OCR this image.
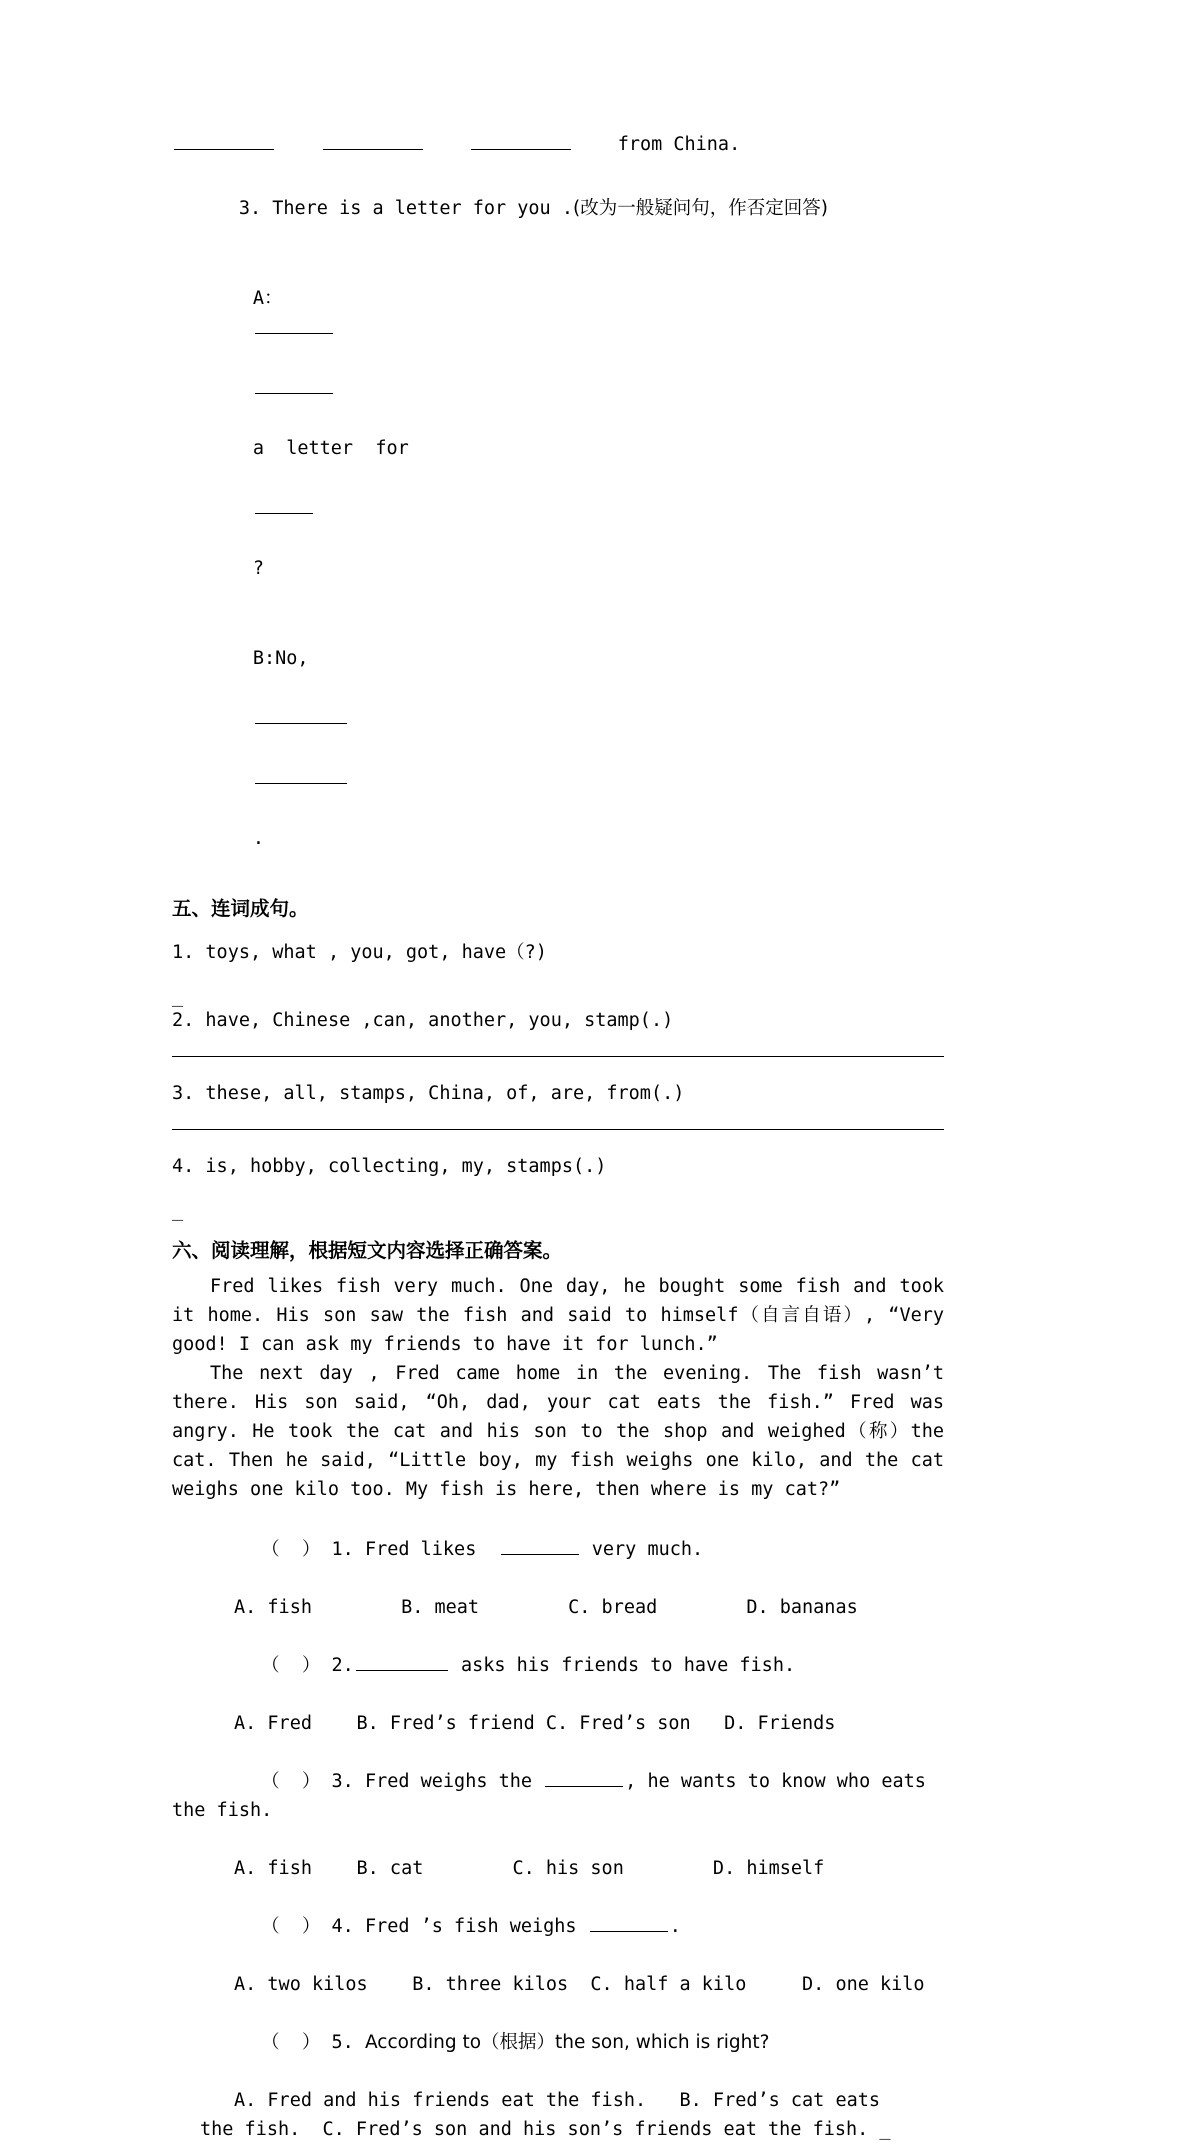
from China.

3. There is a letter for you .(改为一般疑问句，作否定回答)

A：

a  letter  for

?

B:No,

.

五、连词成句。
1. toys, what , you, got, have（?)
_
2. have, Chinese ,can, another, you, stamp(.)
3. these, all, stamps, China, of, are, from(.)
4. is, hobby, collecting, my, stamps(.)
_
六、阅读理解，根据短文内容选择正确答案。

Fred likes fish very much. One day, he bought some fish and took it home. His son saw the fish and said to himself（自言自语）, “Very good! I can ask my friends to have it for lunch.”

The next day , Fred came home in the evening. The fish wasn’t there. His son said, “Oh, dad, your cat eats the fish.” Fred was angry. He took the cat and his son to the shop and weighed（称）the cat. Then he said, “Little boy, my fish weighs one kilo, and the cat weighs one kilo too. My fish is here, then where is my cat?”

（  ） 1. Fred likes	very much.

A. fish        B. meat        C. bread        D. bananas

（  ） 2.	asks his friends to have fish.

A. Fred    B. Fred’s friend C. Fred’s son   D. Friends

（  ） 3. Fred weighs the	, he wants to know who eats the fish.

A. fish    B. cat        C. his son        D. himself

（  ） 4. Fred ’s fish weighs	.

A. two kilos    B. three kilos  C. half a kilo     D. one kilo

（  ） 5. According to（根据）the son, which is right?

A. Fred and his friends eat the fish.   B. Fred’s cat eats
the fish.  C. Fred’s son and his son’s friends eat the fish. _
